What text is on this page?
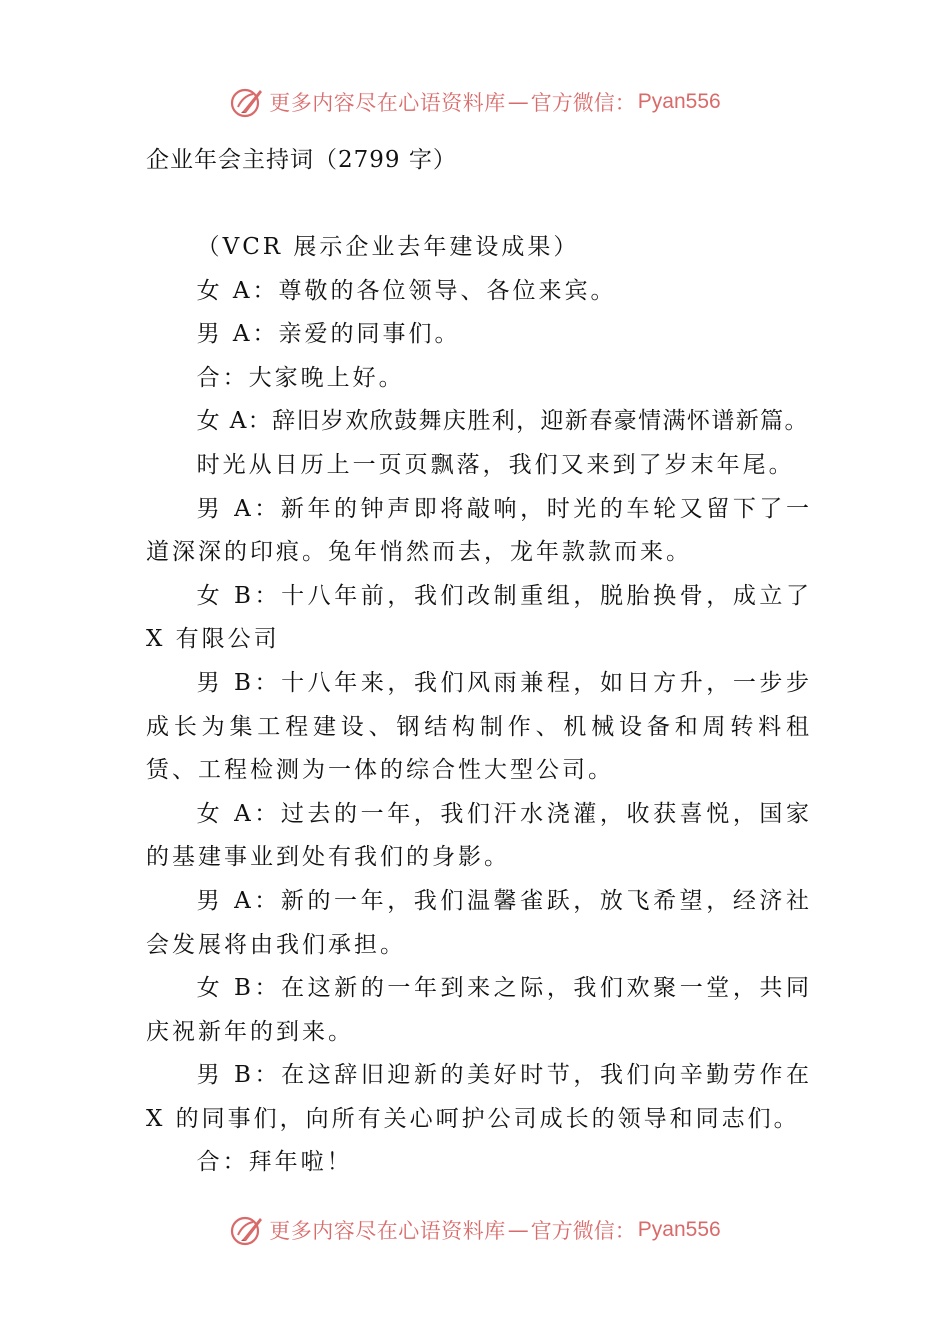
更多内容尽在心语资料库 — 官方微信： Pyan556
企业年会主持词（2799 字）

（VCR 展示企业去年建设成果）

女 A：尊敬的各位领导、各位来宾。

男 A：亲爱的同事们。

合：大家晚上好。

女 A：辞旧岁欢欣鼓舞庆胜利，迎新春豪情满怀谱新篇。

时光从日历上一页页飘落，我们又来到了岁末年尾。

男 A：新年的钟声即将敲响，时光的车轮又留下了一道深深的印痕。兔年悄然而去，龙年款款而来。

女 B：十八年前，我们改制重组，脱胎换骨，成立了 X 有限公司

男 B：十八年来，我们风雨兼程，如日方升，一步步成长为集工程建设、钢结构制作、机械设备和周转料租赁、工程检测为一体的综合性大型公司。

女 A：过去的一年，我们汗水浇灌，收获喜悦，国家的基建事业到处有我们的身影。

男 A：新的一年，我们温馨雀跃，放飞希望，经济社会发展将由我们承担。

女 B：在这新的一年到来之际，我们欢聚一堂，共同庆祝新年的到来。

男 B：在这辞旧迎新的美好时节，我们向辛勤劳作在 X 的同事们，向所有关心呵护公司成长的领导和同志们。

合：拜年啦！

更多内容尽在心语资料库 — 官方微信： Pyan556
